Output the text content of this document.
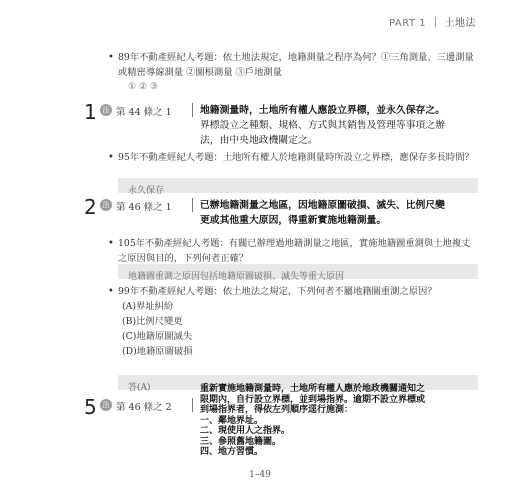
PART 1 土地法
• 89年不動產經紀人考題：依土地法規定，地籍測量之程序為何？①三角測量、三邊測量或精密導線測量 ②圖根測量 ③戶地測量
① ② ③
1 法 第 44 條之 1	地籍測量時，土地所有權人應設立界標，並永久保存之。
界標設立之種類、規格、方式與其銷售及管理等事項之辦
法，由中央地政機關定之。
• 95年不動產經紀人考題：土地所有權人於地籍測量時所設立之界標，應保存多長時間？
永久保存
2 法 第 46 條之 1	已辦地籍測量之地區，因地籍原圖破損、滅失、比例尺變
更或其他重大原因，得重新實施地籍測量。
• 105年不動產經紀人考題：有關已辦理過地籍測量之地區，實施地籍圖重測與土地複丈之原因與目的，下列何者正確？
地籍圖重測之原因包括地籍原圖破損、滅失等重大原因
• 99年不動產經紀人考題：依土地法之規定，下列何者不屬地籍圖重測之原因？
(A)界址糾紛
(B)比例尺變更
(C)地籍原圖滅失
(D)地籍原圖破損
答(A)
5 法 第 46 條之 2
重新實施地籍測量時，土地所有權人應於地政機關通知之
限期內，自行設立界標，並到場指界。逾期不設立界標或
到場指界者，得依左列順序逕行施測：
一、鄰地界址。
二、現使用人之指界。
三、參照舊地籍圖。
四、地方習慣。
1–49
